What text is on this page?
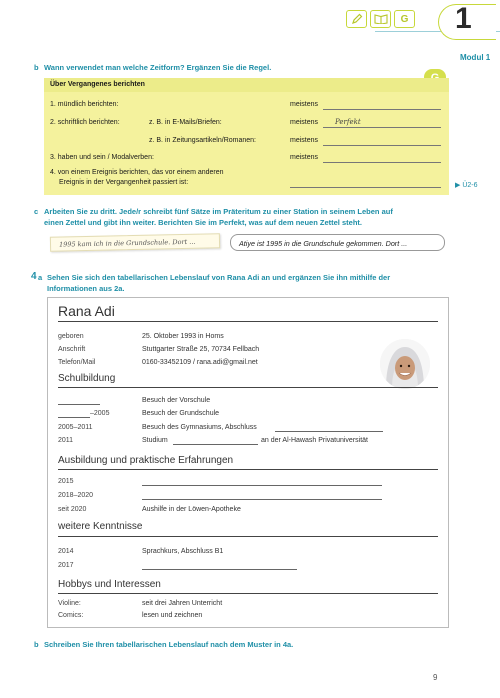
G 1
Modul 1
b Wann verwendet man welche Zeitform? Ergänzen Sie die Regel.
Über Vergangenes berichten
1. mündlich berichten:	meistens
2. schriftlich berichten:	z. B. in E-Mails/Briefen:	meistens Perfekt
z. B. in Zeitungsartikeln/Romanen:	meistens
3. haben und sein / Modalverben:	meistens
4. von einem Ereignis berichten, das vor einem anderen
Ereignis in der Vergangenheit passiert ist:	▶ Ü2-6
c Arbeiten Sie zu dritt. Jede/r schreibt fünf Sätze im Präteritum zu einer Station in seinem Leben auf
einen Zettel und gibt ihn weiter. Berichten Sie im Perfekt, was auf dem neuen Zettel steht.
1995 kam ich in die Grundschule. Dort ...	Atiye ist 1995 in die Grundschule gekommen. Dort ...
4 a Sehen Sie sich den tabellarischen Lebenslauf von Rana Adi an und ergänzen Sie ihn mithilfe der
Informationen aus 2a.
Rana Adi
geboren	25. Oktober 1993 in Homs
Anschrift	Stuttgarter Straße 25, 70734 Fellbach
Telefon/Mail	0160-33452109 / rana.adi@gmail.net
Schulbildung
Besuch der Vorschule
–2005	Besuch der Grundschule
2005–2011	Besuch des Gymnasiums, Abschluss
2011	Studium	an der Al-Hawash Privatuniversität
Ausbildung und praktische Erfahrungen
2015
2018–2020
seit 2020	Aushilfe in der Löwen-Apotheke
weitere Kenntnisse
2014	Sprachkurs, Abschluss B1
2017
Hobbys und Interessen
Violine:	seit drei Jahren Unterricht
Comics:	lesen und zeichnen
b Schreiben Sie Ihren tabellarischen Lebenslauf nach dem Muster in 4a.
9
